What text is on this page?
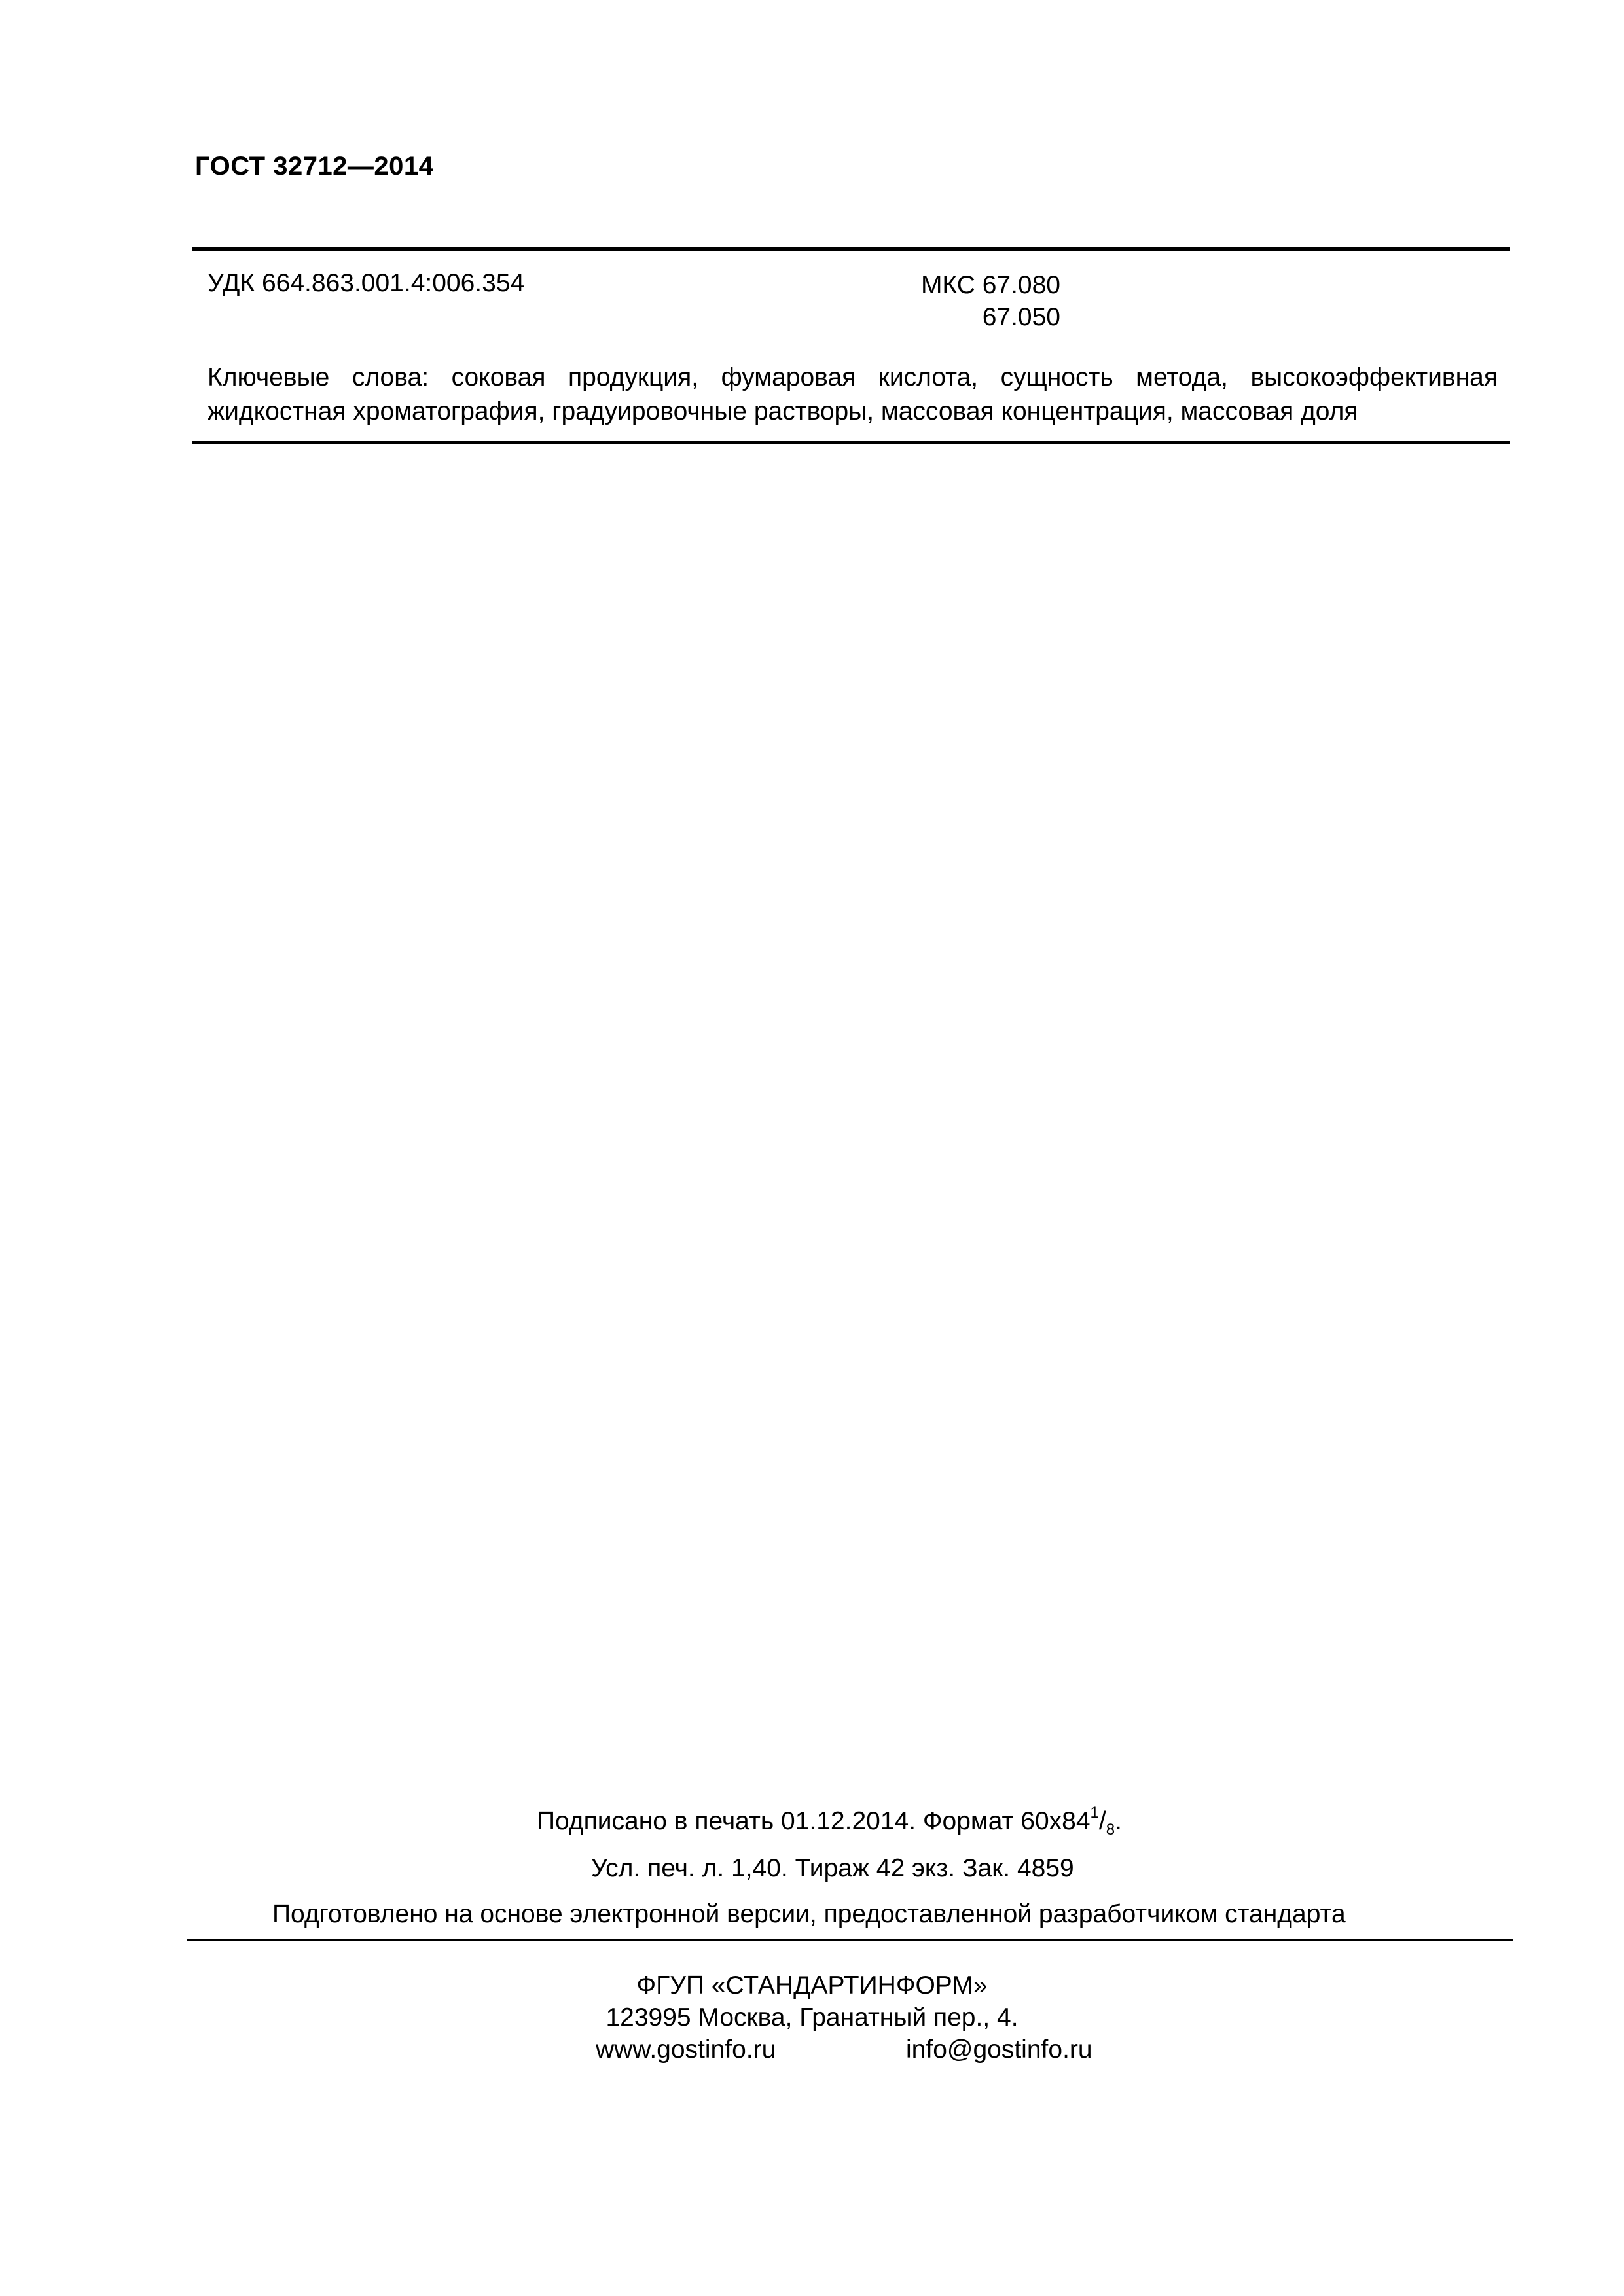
ГОСТ 32712—2014
УДК 664.863.001.4:006.354	МКС 67.080
67.050
Ключевые слова: соковая продукция, фумаровая кислота, сущность метода, высокоэффективная
жидкостная хроматография, градуировочные растворы, массовая концентрация, массовая доля
Подписано в печать 01.12.2014. Формат $60х84^1/_8$.
Усл. печ. л. 1,40. Тираж 42 экз. Зак. 4859
Подготовлено на основе электронной версии, предоставленной разработчиком стандарта
ФГУП «СТАНДАРТИНФОРМ»
123995 Москва, Гранатный пер., 4.
www.gostinfo.ru	info@gostinfo.ru
